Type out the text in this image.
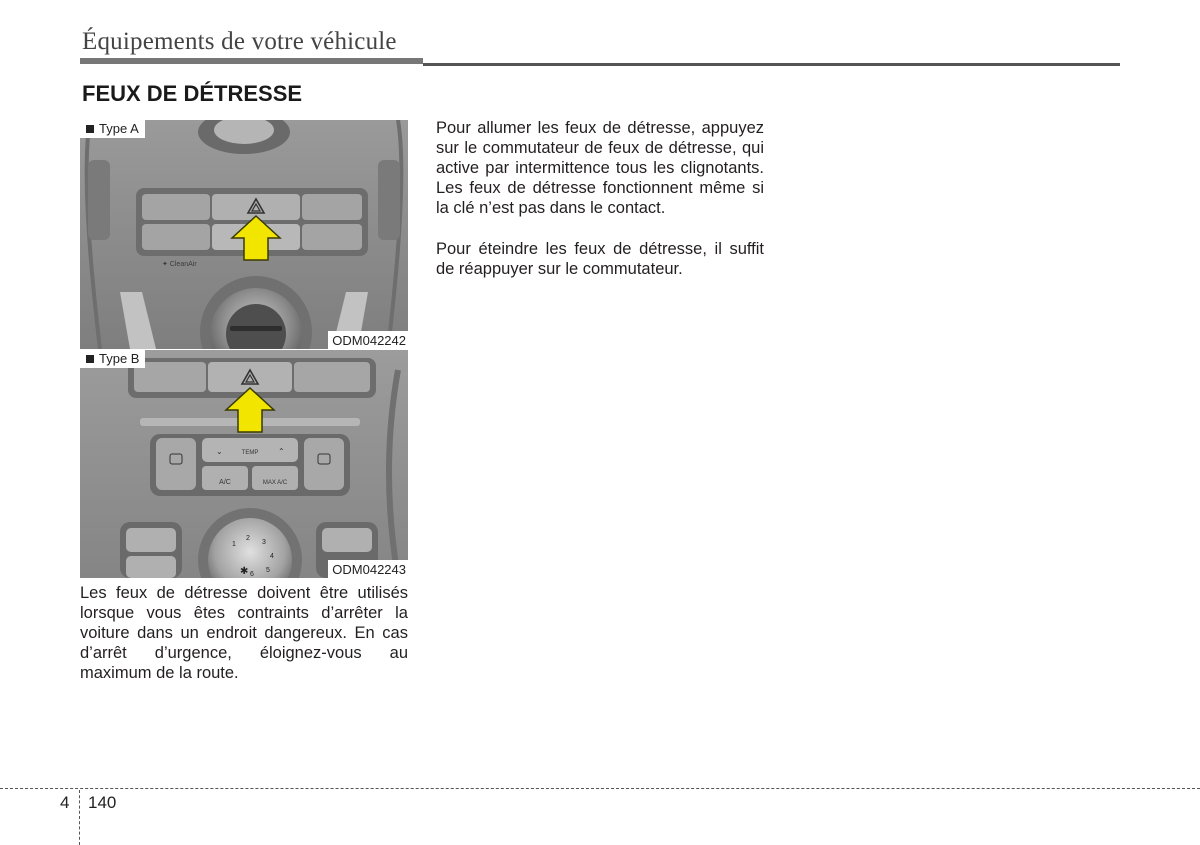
Équipements de votre véhicule
FEUX DE DÉTRESSE
✦ CleanAir
Type A
ODM042242
TEMP
A/C	MAX A/C
⌄	⌃
1
2
3
4
5
6
✱
Type B
ODM042243
Les feux de détresse doivent être utilisés lorsque vous êtes contraints d’arrêter la voiture dans un endroit dangereux. En cas d’arrêt d’urgence, éloignez-vous au maximum de la route.
Pour allumer les feux de détresse, appuyez sur le commutateur de feux de détresse, qui active par intermittence tous les clignotants. Les feux de détresse fonctionnent même si la clé n’est pas dans le contact.
Pour éteindre les feux de détresse, il suffit de réappuyer sur le commutateur.
4 140
